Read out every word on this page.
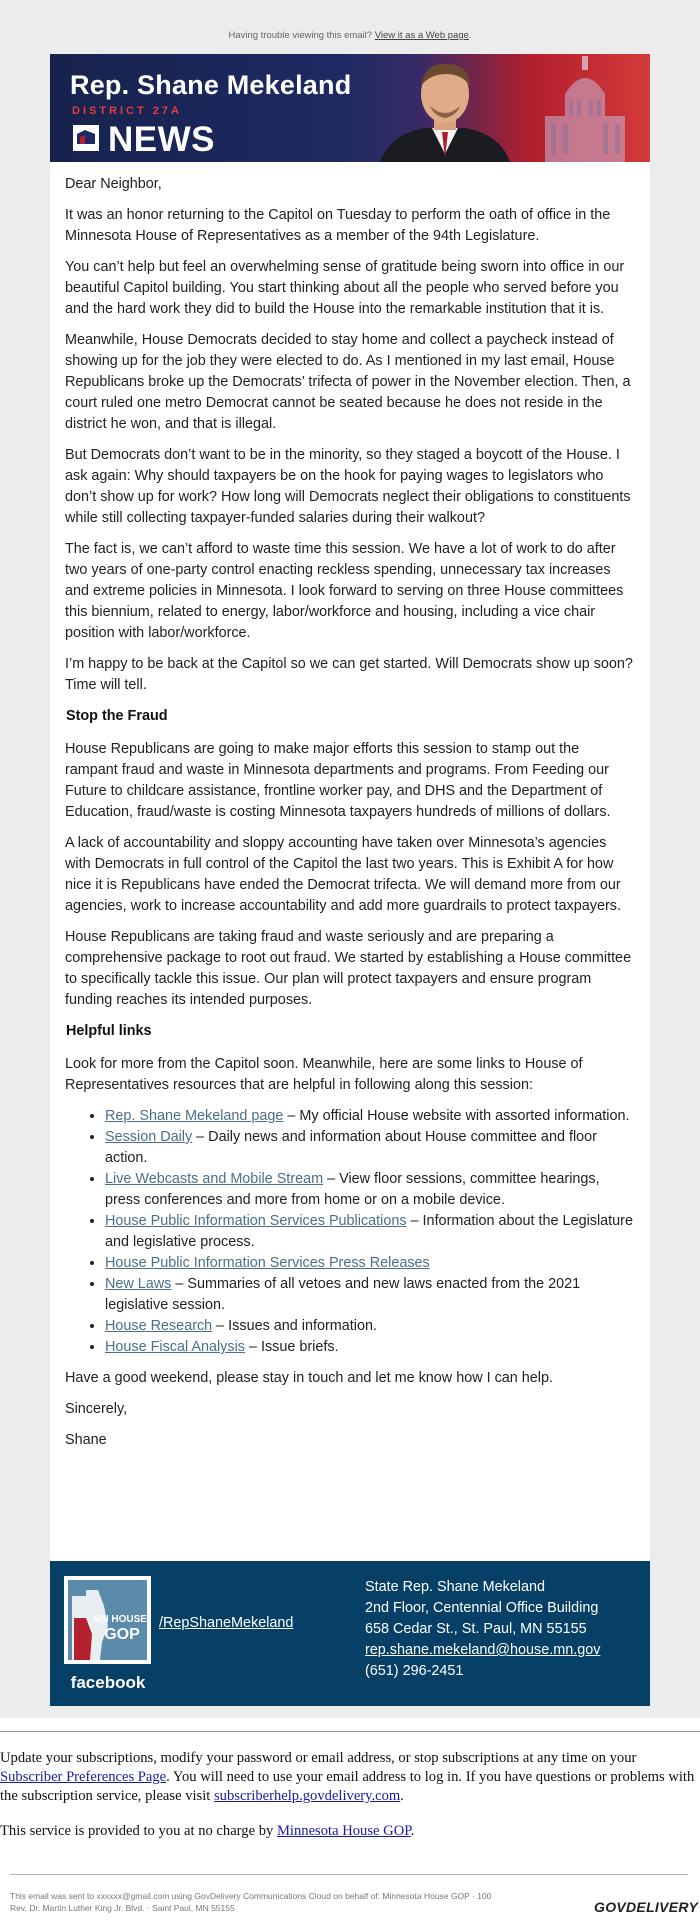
Having trouble viewing this email? View it as a Web page.
Rep. Shane Mekeland
DISTRICT 27A
NEWS

Dear Neighbor,

It was an honor returning to the Capitol on Tuesday to perform the oath of office in the Minnesota House of Representatives as a member of the 94th Legislature.

You can’t help but feel an overwhelming sense of gratitude being sworn into office in our beautiful Capitol building. You start thinking about all the people who served before you and the hard work they did to build the House into the remarkable institution that it is.

Meanwhile, House Democrats decided to stay home and collect a paycheck instead of showing up for the job they were elected to do. As I mentioned in my last email, House Republicans broke up the Democrats’ trifecta of power in the November election. Then, a court ruled one metro Democrat cannot be seated because he does not reside in the district he won, and that is illegal.

But Democrats don’t want to be in the minority, so they staged a boycott of the House. I ask again: Why should taxpayers be on the hook for paying wages to legislators who don’t show up for work? How long will Democrats neglect their obligations to constituents while still collecting taxpayer-funded salaries during their walkout?

The fact is, we can’t afford to waste time this session. We have a lot of work to do after two years of one-party control enacting reckless spending, unnecessary tax increases and extreme policies in Minnesota. I look forward to serving on three House committees this biennium, related to energy, labor/workforce and housing, including a vice chair position with labor/workforce.

I’m happy to be back at the Capitol so we can get started. Will Democrats show up soon? Time will tell.

Stop the Fraud

House Republicans are going to make major efforts this session to stamp out the rampant fraud and waste in Minnesota departments and programs. From Feeding our Future to childcare assistance, frontline worker pay, and DHS and the Department of Education, fraud/waste is costing Minnesota taxpayers hundreds of millions of dollars.

A lack of accountability and sloppy accounting have taken over Minnesota’s agencies with Democrats in full control of the Capitol the last two years. This is Exhibit A for how nice it is Republicans have ended the Democrat trifecta. We will demand more from our agencies, work to increase accountability and add more guardrails to protect taxpayers.

House Republicans are taking fraud and waste seriously and are preparing a comprehensive package to root out fraud. We started by establishing a House committee to specifically tackle this issue. Our plan will protect taxpayers and ensure program funding reaches its intended purposes.

Helpful links

Look for more from the Capitol soon. Meanwhile, here are some links to House of Representatives resources that are helpful in following along this session:

• Rep. Shane Mekeland page – My official House website with assorted information.
• Session Daily – Daily news and information about House committee and floor action.
• Live Webcasts and Mobile Stream – View floor sessions, committee hearings, press conferences and more from home or on a mobile device.
• House Public Information Services Publications – Information about the Legislature and legislative process.
• House Public Information Services Press Releases
• New Laws – Summaries of all vetoes and new laws enacted from the 2021 legislative session.
• House Research – Issues and information.
• House Fiscal Analysis – Issue briefs.

Have a good weekend, please stay in touch and let me know how I can help.

Sincerely,

Shane

MN HOUSE
GOP
facebook
/RepShaneMekeland
State Rep. Shane Mekeland
2nd Floor, Centennial Office Building
658 Cedar St., St. Paul, MN 55155
rep.shane.mekeland@house.mn.gov
(651) 296-2451

Update your subscriptions, modify your password or email address, or stop subscriptions at any time on your Subscriber Preferences Page. You will need to use your email address to log in. If you have questions or problems with the subscription service, please visit subscriberhelp.govdelivery.com.

This service is provided to you at no charge by Minnesota House GOP.

This email was sent to xxxxxx@gmail.com using GovDelivery Communications Cloud on behalf of: Minnesota House GOP · 100
Rev. Dr. Martin Luther King Jr. Blvd. · Saint Paul, MN 55155	GOVDELIVERY
